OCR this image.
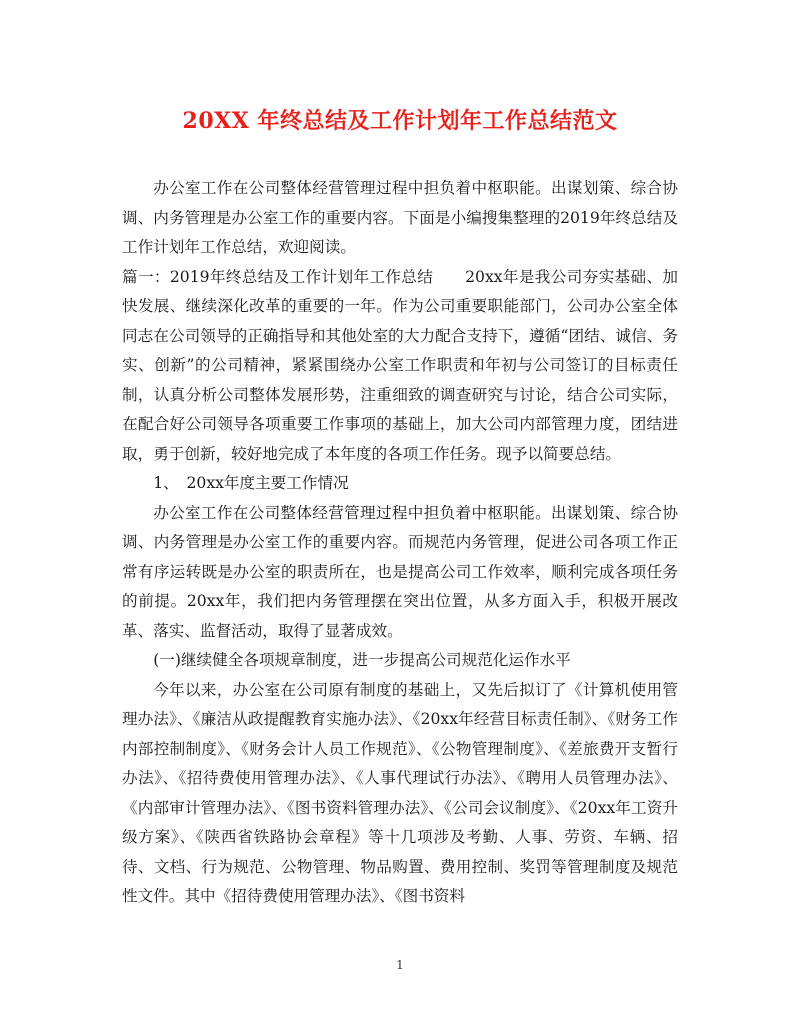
20XX 年终总结及工作计划年工作总结范文

办公室工作在公司整体经营管理过程中担负着中枢职能。出谋划策、综合协调、内务管理是办公室工作的重要内容。下面是小编搜集整理的2019年终总结及工作计划年工作总结，欢迎阅读。

篇一：2019年终总结及工作计划年工作总结　　20xx年是我公司夯实基础、加快发展、继续深化改革的重要的一年。作为公司重要职能部门，公司办公室全体同志在公司领导的正确指导和其他处室的大力配合支持下，遵循“团结、诚信、务实、创新”的公司精神，紧紧围绕办公室工作职责和年初与公司签订的目标责任制，认真分析公司整体发展形势，注重细致的调查研究与讨论，结合公司实际，在配合好公司领导各项重要工作事项的基础上，加大公司内部管理力度，团结进取，勇于创新，较好地完成了本年度的各项工作任务。现予以简要总结。

1、　20xx年度主要工作情况

办公室工作在公司整体经营管理过程中担负着中枢职能。出谋划策、综合协调、内务管理是办公室工作的重要内容。而规范内务管理，促进公司各项工作正常有序运转既是办公室的职责所在，也是提高公司工作效率，顺利完成各项任务的前提。20xx年，我们把内务管理摆在突出位置，从多方面入手，积极开展改革、落实、监督活动，取得了显著成效。

(一)继续健全各项规章制度，进一步提高公司规范化运作水平

今年以来，办公室在公司原有制度的基础上，又先后拟订了《计算机使用管理办法》、《廉洁从政提醒教育实施办法》、《20xx年经营目标责任制》、《财务工作内部控制制度》、《财务会计人员工作规范》、《公物管理制度》、《差旅费开支暂行办法》、《招待费使用管理办法》、《人事代理试行办法》、《聘用人员管理办法》、《内部审计管理办法》、《图书资料管理办法》、《公司会议制度》、《20xx年工资升级方案》、《陕西省铁路协会章程》等十几项涉及考勤、人事、劳资、车辆、招待、文档、行为规范、公物管理、物品购置、费用控制、奖罚等管理制度及规范性文件。其中《招待费使用管理办法》、《图书资料

1
